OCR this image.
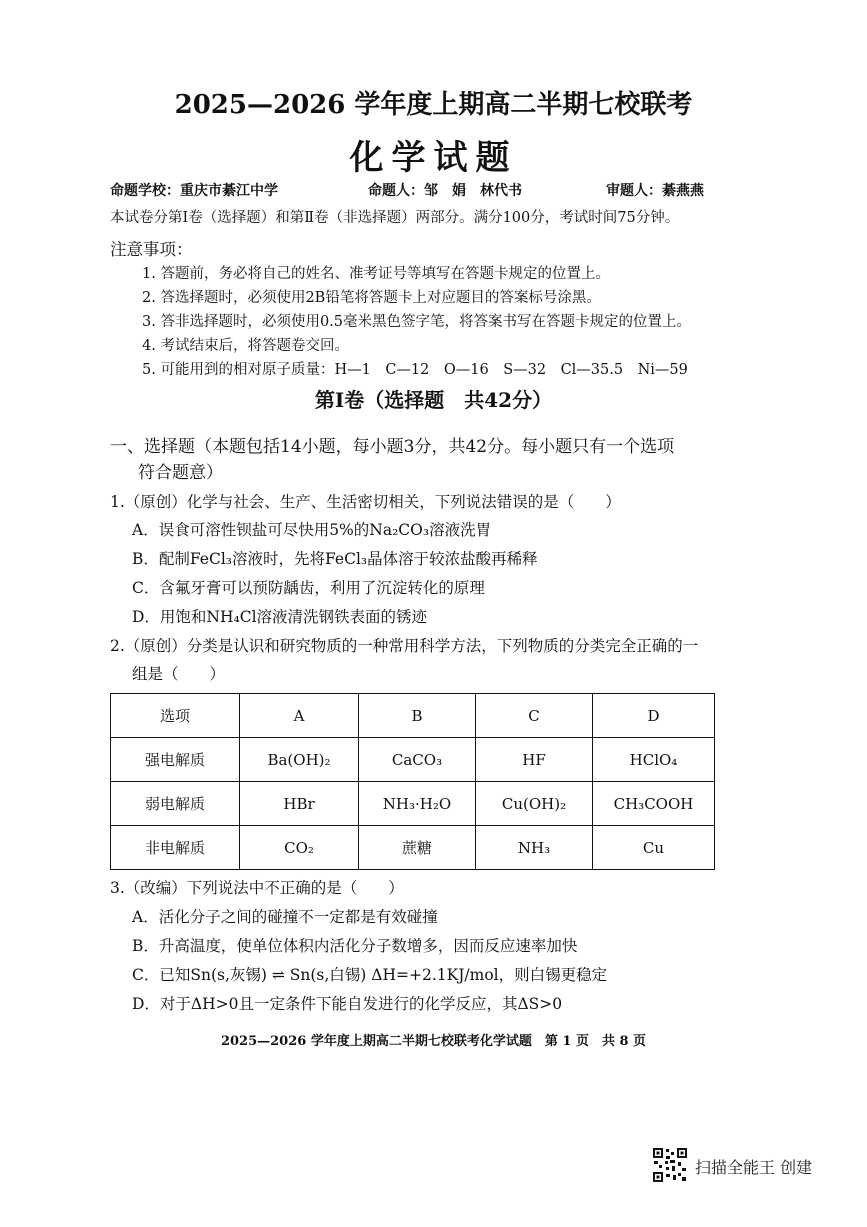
2025—2026 学年度上期高二半期七校联考
化学试题
命题学校：重庆市綦江中学	命题人：邹　娟　林代书	审题人：綦燕燕
本试卷分第Ⅰ卷（选择题）和第Ⅱ卷（非选择题）两部分。满分100分，考试时间75分钟。
注意事项：
1. 答题前，务必将自己的姓名、准考证号等填写在答题卡规定的位置上。
2. 答选择题时，必须使用2B铅笔将答题卡上对应题目的答案标号涂黑。
3. 答非选择题时，必须使用0.5毫米黑色签字笔，将答案书写在答题卡规定的位置上。
4. 考试结束后，将答题卷交回。
5. 可能用到的相对原子质量：H—1　C—12　O—16　S—32　Cl—35.5　Ni—59
第Ⅰ卷（选择题　共42分）
一、选择题（本题包括14小题，每小题3分，共42分。每小题只有一个选项
符合题意）
1.（原创）化学与社会、生产、生活密切相关，下列说法错误的是（　　）
A．误食可溶性钡盐可尽快用5%的Na₂CO₃溶液洗胃
B．配制FeCl₃溶液时，先将FeCl₃晶体溶于较浓盐酸再稀释
C．含氟牙膏可以预防龋齿，利用了沉淀转化的原理
D．用饱和NH₄Cl溶液清洗钢铁表面的锈迹
2.（原创）分类是认识和研究物质的一种常用科学方法，下列物质的分类完全正确的一
组是（　　）
选项	A	B	C	D
强电解质	Ba(OH)₂	CaCO₃	HF	HClO₄
弱电解质	HBr	NH₃·H₂O	Cu(OH)₂	CH₃COOH
非电解质	CO₂	蔗糖	NH₃	Cu
3.（改编）下列说法中不正确的是（　　）
A．活化分子之间的碰撞不一定都是有效碰撞
B．升高温度，使单位体积内活化分子数增多，因而反应速率加快
C．已知Sn(s,灰锡) ⇌ Sn(s,白锡) ΔH=+2.1KJ/mol，则白锡更稳定
D．对于ΔH>0且一定条件下能自发进行的化学反应，其ΔS>0
2025—2026 学年度上期高二半期七校联考化学试题　第 1 页　共 8 页
扫描全能王 创建
